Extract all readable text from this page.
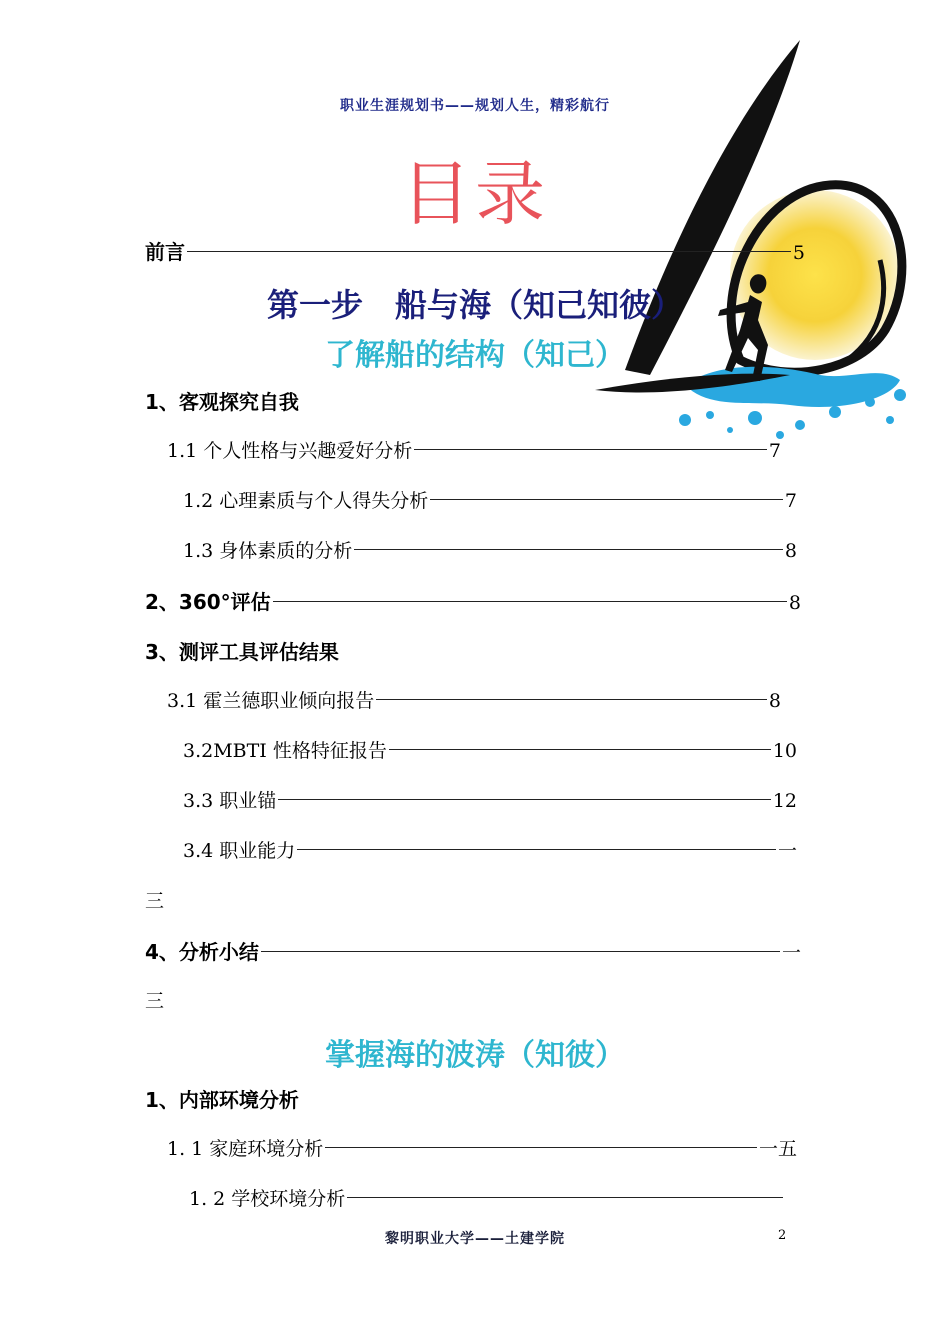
职业生涯规划书——规划人生，精彩航行
目录
前言	5
第一步　船与海（知己知彼）
了解船的结构（知己）
1、客观探究自我
1.1 个人性格与兴趣爱好分析	7
1.2 心理素质与个人得失分析	7
1.3 身体素质的分析	8
2、360°评估	8
3、测评工具评估结果
3.1 霍兰德职业倾向报告	8
3.2MBTI 性格特征报告	10
3.3 职业锚	12
3.4 职业能力	一
三
4、分析小结	一
三
掌握海的波涛（知彼）
1、内部环境分析
1. 1 家庭环境分析	一五
1. 2 学校环境分析
黎明职业大学——土建学院	2
